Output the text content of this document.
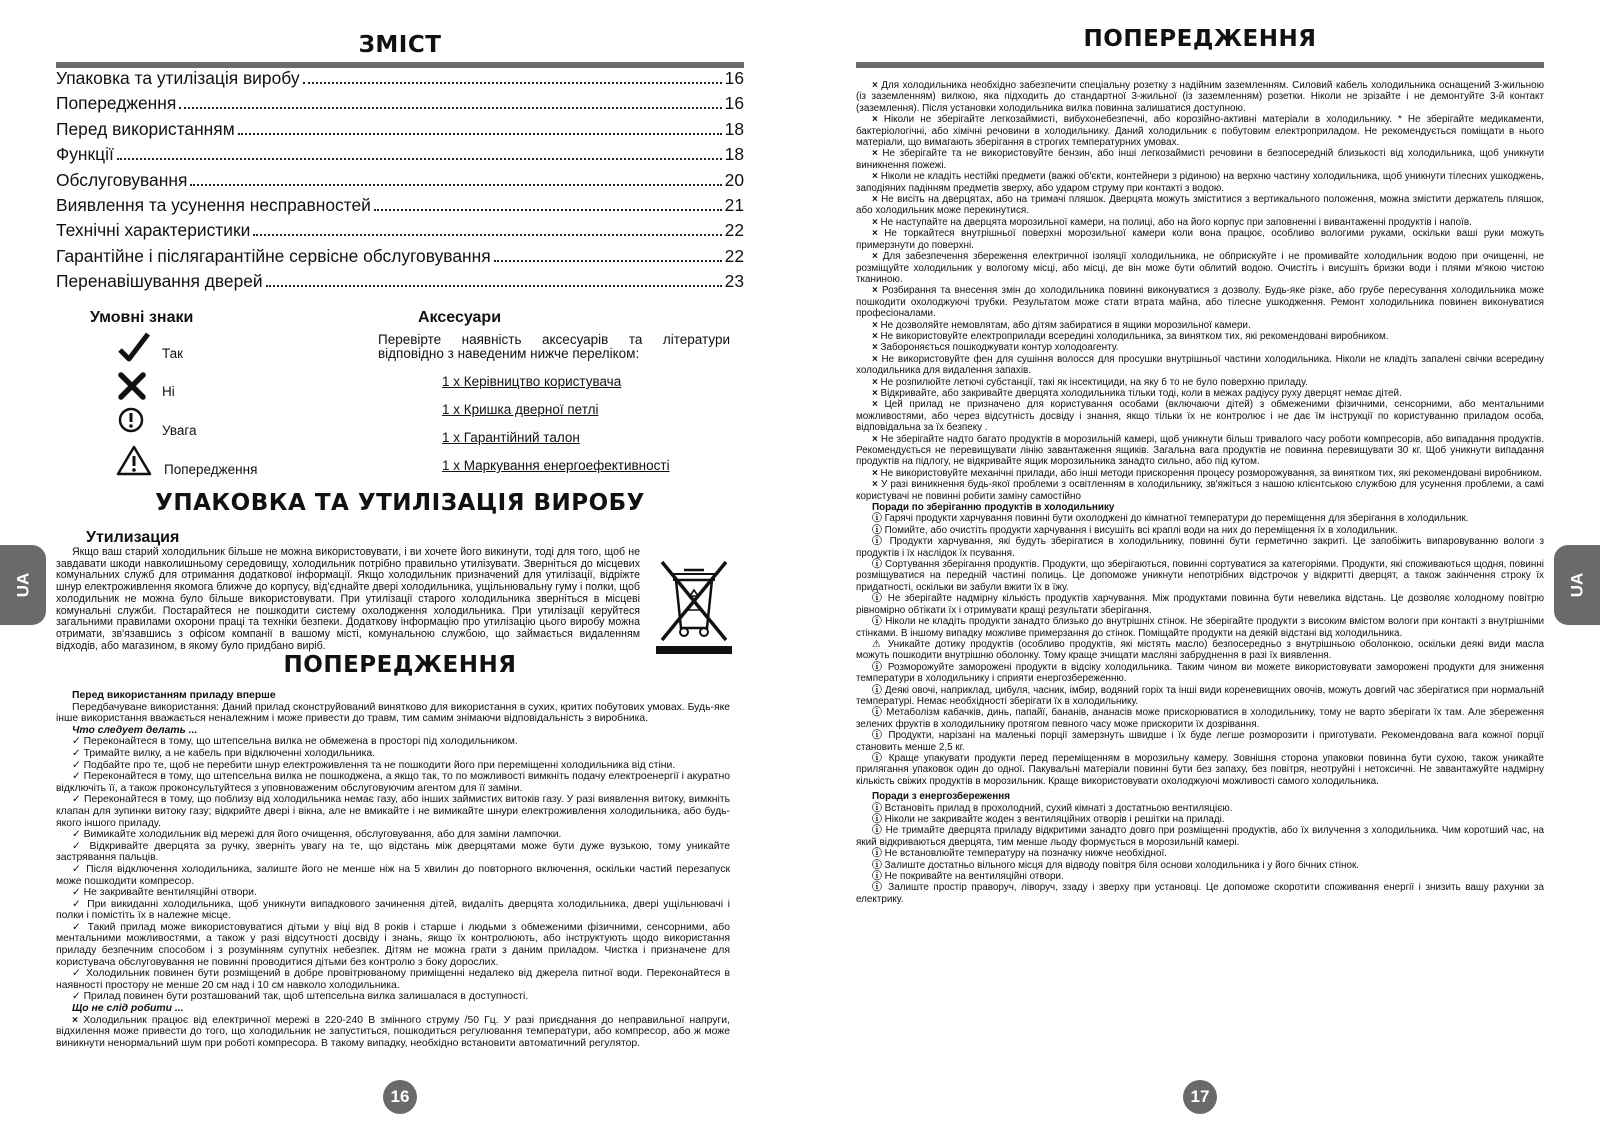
ЗМІСТ
Упаковка та утилізація виробу	16
Попередження	16
Перед використанням	18
Функції	18
Обслуговування	20
Виявлення та усунення несправностей	21
Технічні характеристики	22
Гарантійне і післягарантійне сервісне обслуговування	22
Перенавішування дверей	23
Умовні знаки	Аксесуари
Так
Ні
Увага
Попередження
Перевірте наявність аксесуарів та літератури відповідно з наведеним нижче переліком:
1 x Керівництво користувача
1 x Кришка дверної петлі
1 x Гарантійний талон
1 x Маркування енергоефективності
УПАКОВКА ТА УТИЛІЗАЦІЯ ВИРОБУ
Утилизация

Якщо ваш старий холодильник більше не можна використовувати, і ви хочете його викинути, тоді для того, щоб не завдавати шкоди навколишньому середовищу, холодильник потрібно правильно утилізувати. Зверніться до місцевих комунальних служб для отримання додаткової інформації. Якщо холодильник призначений для утилізації, відріжте шнур електроживлення якомога ближче до корпусу, від'єднайте двері холодильника, ущільнювальну гуму і полки, щоб холодильник не можна було більше використовувати. При утилізації старого холодильника зверніться в місцеві комунальні служби. Постарайтеся не пошкодити систему охолодження холодильника. При утилізації керуйтеся загальними правилами охорони праці та техніки безпеки. Додаткову інформацію про утилізацію цього виробу можна отримати, зв'язавшись з офісом компанії в вашому місті, комунальною службою, що займається видаленням відходів, або магазином, в якому було придбано виріб.

ПОПЕРЕДЖЕННЯ

Перед використанням приладу вперше

Передбачуване використання: Даний прилад сконструйований винятково для використання в сухих, критих побутових умовах. Будь-яке інше використання вважається неналежним і може привести до травм, тим самим знімаючи відповідальність з виробника.

Что следует делать ...

✓ Переконайтеся в тому, що штепсельна вилка не обмежена в просторі під холодильником.

✓ Тримайте вилку, а не кабель при відключенні холодильника.

✓ Подбайте про те, щоб не перебити шнур електроживлення та не пошкодити його при переміщенні холодильника від стіни.

✓ Переконайтеся в тому, що штепсельна вилка не пошкоджена, а якщо так, то по можливості вимкніть подачу електроенергії і акуратно відключіть її, а також проконсультуйтеся з уповноваженим обслуговуючим агентом для її заміни.

✓ Переконайтеся в тому, що поблизу від холодильника немає газу, або інших займистих витоків газу. У разі виявлення витоку, вимкніть клапан для зупинки витоку газу; відкрийте двері і вікна, але не вмикайте і не вимикайте шнури електроживлення холодильника, або будь-якого іншого приладу.

✓ Вимикайте холодильник від мережі для його очищення, обслуговування, або для заміни лампочки.

✓ Відкривайте дверцята за ручку, зверніть увагу на те, що відстань між дверцятами може бути дуже вузькою, тому уникайте застрявання пальців.

✓ Після відключення холодильника, залиште його не менше ніж на 5 хвилин до повторного включення, оскільки частий перезапуск може пошкодити компресор.

✓ Не закривайте вентиляційні отвори.

✓ При викиданні холодильника, щоб уникнути випадкового зачинення дітей, видаліть дверцята холодильника, двері ущільнювачі і полки і помістіть їх в належне місце.

✓ Такий прилад може використовуватися дітьми у віці від 8 років і старше і людьми з обмеженими фізичними, сенсорними, або ментальними можливостями, а також у разі відсутності досвіду і знань, якщо їх контролюють, або інструктують щодо використання приладу безпечним способом і з розумінням супутніх небезпек. Дітям не можна грати з даним приладом. Чистка і призначене для користувача обслуговування не повинні проводитися дітьми без контролю з боку дорослих.

✓ Холодильник повинен бути розміщений в добре провітрюваному приміщенні недалеко від джерела питної води. Переконайтеся в наявності простору не менше 20 см над і 10 см навколо холодильника.

✓ Прилад повинен бути розташований так, щоб штепсельна вилка залишалася в доступності.

Що не слід робити ...

× Холодильник працює від електричної мережі в 220-240 В змінного струму /50 Гц. У разі приєднання до неправильної напруги, відхилення може привести до того, що холодильник не запуститься, пошкодиться регулювання температури, або компресор, або ж може виникнути ненормальний шум при роботі компресора. В такому випадку, необхідно встановити автоматичний регулятор.

UA
16
ПОПЕРЕДЖЕННЯ

× Для холодильника необхідно забезпечити спеціальну розетку з надійним заземленням. Силовий кабель холодильника оснащений 3-жильною (із заземленням) вилкою, яка підходить до стандартної 3-жильної (із заземленням) розетки. Ніколи не зрізайте і не демонтуйте 3-й контакт (заземлення). Після установки холодильника вилка повинна залишатися доступною.

× Ніколи не зберігайте легкозаймисті, вибухонебезпечні, або корозійно-активні матеріали в холодильнику. * Не зберігайте медикаменти, бактеріологічні, або хімічні речовини в холодильнику. Даний холодильник є побутовим електроприладом. Не рекомендується поміщати в нього матеріали, що вимагають зберігання в строгих температурних умовах.

× Не зберігайте та не використовуйте бензин, або інші легкозаймисті речовини в безпосередній близькості від холодильника, щоб уникнути виникнення пожежі.

× Ніколи не кладіть нестійкі предмети (важкі об'єкти, контейнери з рідиною) на верхню частину холодильника, щоб уникнути тілесних ушкоджень, заподіяних падінням предметів зверху, або ударом струму при контакті з водою.

× Не висіть на дверцятах, або на тримачі пляшок. Дверцята можуть зміститися з вертикального положення, можна змістити держатель пляшок, або холодильник може перекинутися.

× Не наступайте на дверцята морозильної камери, на полиці, або на його корпус при заповненні і вивантаженні продуктів і напоїв.

× Не торкайтеся внутрішньої поверхні морозильної камери коли вона працює, особливо вологими руками, оскільки ваші руки можуть примерзнути до поверхні.

× Для забезпечення збереження електричної ізоляції холодильника, не обприскуйте і не промивайте холодильник водою при очищенні, не розміщуйте холодильник у вологому місці, або місці, де він може бути облитий водою. Очистіть і висушіть бризки води і плями м'якою чистою тканиною.

× Розбирання та внесення змін до холодильника повинні виконуватися з дозволу. Будь-яке різке, або грубе пересування холодильника може пошкодити охолоджуючі трубки. Результатом може стати втрата майна, або тілесне ушкодження. Ремонт холодильника повинен виконуватися професіоналами.

× Не дозволяйте немовлятам, або дітям забиратися в ящики морозильної камери.

× Не використовуйте електроприлади всередині холодильника, за винятком тих, які рекомендовані виробником.

× Забороняється пошкоджувати контур холодоагенту.

× Не використовуйте фен для сушіння волосся для просушки внутрішньої частини холодильника. Ніколи не кладіть запалені свічки всередину холодильника для видалення запахів.

× Не розпилюйте летючі субстанції, такі як інсектициди, на яку б то не було поверхню приладу.

× Відкривайте, або закривайте дверцята холодильника тільки тоді, коли в межах радіусу руху дверцят немає дітей.

× Цей прилад не призначено для користування особами (включаючи дітей) з обмеженими фізичними, сенсорними, або ментальними можливостями, або через відсутність досвіду і знання, якщо тільки їх не контролює і не дає їм інструкції по користуванню приладом особа, відповідальна за їх безпеку .

× Не зберігайте надто багато продуктів в морозильній камері, щоб уникнути більш тривалого часу роботи компресорів, або випадання продуктів. Рекомендується не перевищувати лінію завантаження ящиків. Загальна вага продуктів не повинна перевищувати 30 кг. Щоб уникнути випадання продуктів на підлогу, не відкривайте ящик морозильника занадто сильно, або під кутом.

× Не використовуйте механічні прилади, або інші методи прискорення процесу розморожування, за винятком тих, які рекомендовані виробником.

× У разі виникнення будь-якої проблеми з освітленням в холодильнику, зв'яжіться з нашою клієнтською службою для усунення проблеми, а самі користувачі не повинні робити заміну самостійно

Поради по зберіганню продуктів в холодильнику

ⓘ Гарячі продукти харчування повинні бути охолоджені до кімнатної температури до переміщення для зберігання в холодильник.

ⓘ Помийте, або очистіть продукти харчування і висушіть всі краплі води на них до переміщення їх в холодильник.

ⓘ Продукти харчування, які будуть зберігатися в холодильнику, повинні бути герметично закриті. Це запобіжить випаровуванню вологи з продуктів і їх наслідок їх псування.

ⓘ Сортування зберігання продуктів. Продукти, що зберігаються, повинні сортуватися за категоріями. Продукти, які споживаються щодня, повинні розміщуватися на передній частині полиць. Це допоможе уникнути непотрібних відстрочок у відкритті дверцят, а також закінчення строку їх придатності, оскільки ви забули вжити їх в їжу.

ⓘ Не зберігайте надмірну кількість продуктів харчування. Між продуктами повинна бути невелика відстань. Це дозволяє холодному повітрю рівномірно обтікати їх і отримувати кращі результати зберігання.

ⓘ Ніколи не кладіть продукти занадто близько до внутрішніх стінок. Не зберігайте продукти з високим вмістом вологи при контакті з внутрішніми стінками. В іншому випадку можливе примерзання до стінок. Поміщайте продукти на деякій відстані від холодильника.

⚠ Уникайте дотику продуктів (особливо продуктів, які містять масло) безпосередньо з внутрішньою оболонкою, оскільки деякі види масла можуть пошкодити внутрішню оболонку. Тому краще зчищати масляні забруднення в разі їх виявлення.

ⓘ Розморожуйте заморожені продукти в відсіку холодильника. Таким чином ви можете використовувати заморожені продукти для зниження температури в холодильнику і сприяти енергозбереженню.

ⓘ Деякі овочі, наприклад, цибуля, часник, імбир, водяний горіх та інші види кореневищних овочів, можуть довгий час зберігатися при нормальній температурі. Немає необхідності зберігати їх в холодильнику.

ⓘ Метаболізм кабачків, динь, папайї, бананів, ананасів може прискорюватися в холодильнику, тому не варто зберігати їх там. Але збереження зелених фруктів в холодильнику протягом певного часу може прискорити їх дозрівання.

ⓘ Продукти, нарізані на маленькі порції замерзнуть швидше і їх буде легше розморозити і приготувати. Рекомендована вага кожної порції становить менше 2,5 кг.

ⓘ Краще упакувати продукти перед переміщенням в морозильну камеру. Зовнішня сторона упаковки повинна бути сухою, також уникайте прилягання упаковок один до одної. Пакувальні матеріали повинні бути без запаху, без повітря, неотруйні і нетоксичні. Не завантажуйте надмірну кількість свіжих продуктів в морозильник. Краще використовувати охолоджуючі можливості самого холодильника.

Поради з енергозбереження

ⓘ Встановіть прилад в прохолодний, сухий кімнаті з достатньою вентиляцією.

ⓘ Ніколи не закривайте жоден з вентиляційних отворів і решітки на приладі.

ⓘ Не тримайте дверцята приладу відкритими занадто довго при розміщенні продуктів, або їх вилучення з холодильника. Чим коротший час, на який відкриваються дверцята, тим менше льоду формується в морозильній камері.

ⓘ Не встановлюйте температуру на позначку нижче необхідної.

ⓘ Залиште достатньо вільного місця для відводу повітря біля основи холодильника і у його бічних стінок.

ⓘ Не покривайте на вентиляційні отвори.

ⓘ Залиште простір праворуч, ліворуч, ззаду і зверху при установці. Це допоможе скоротити споживання енергії і знизить вашу рахунки за електрику.

UA
17
